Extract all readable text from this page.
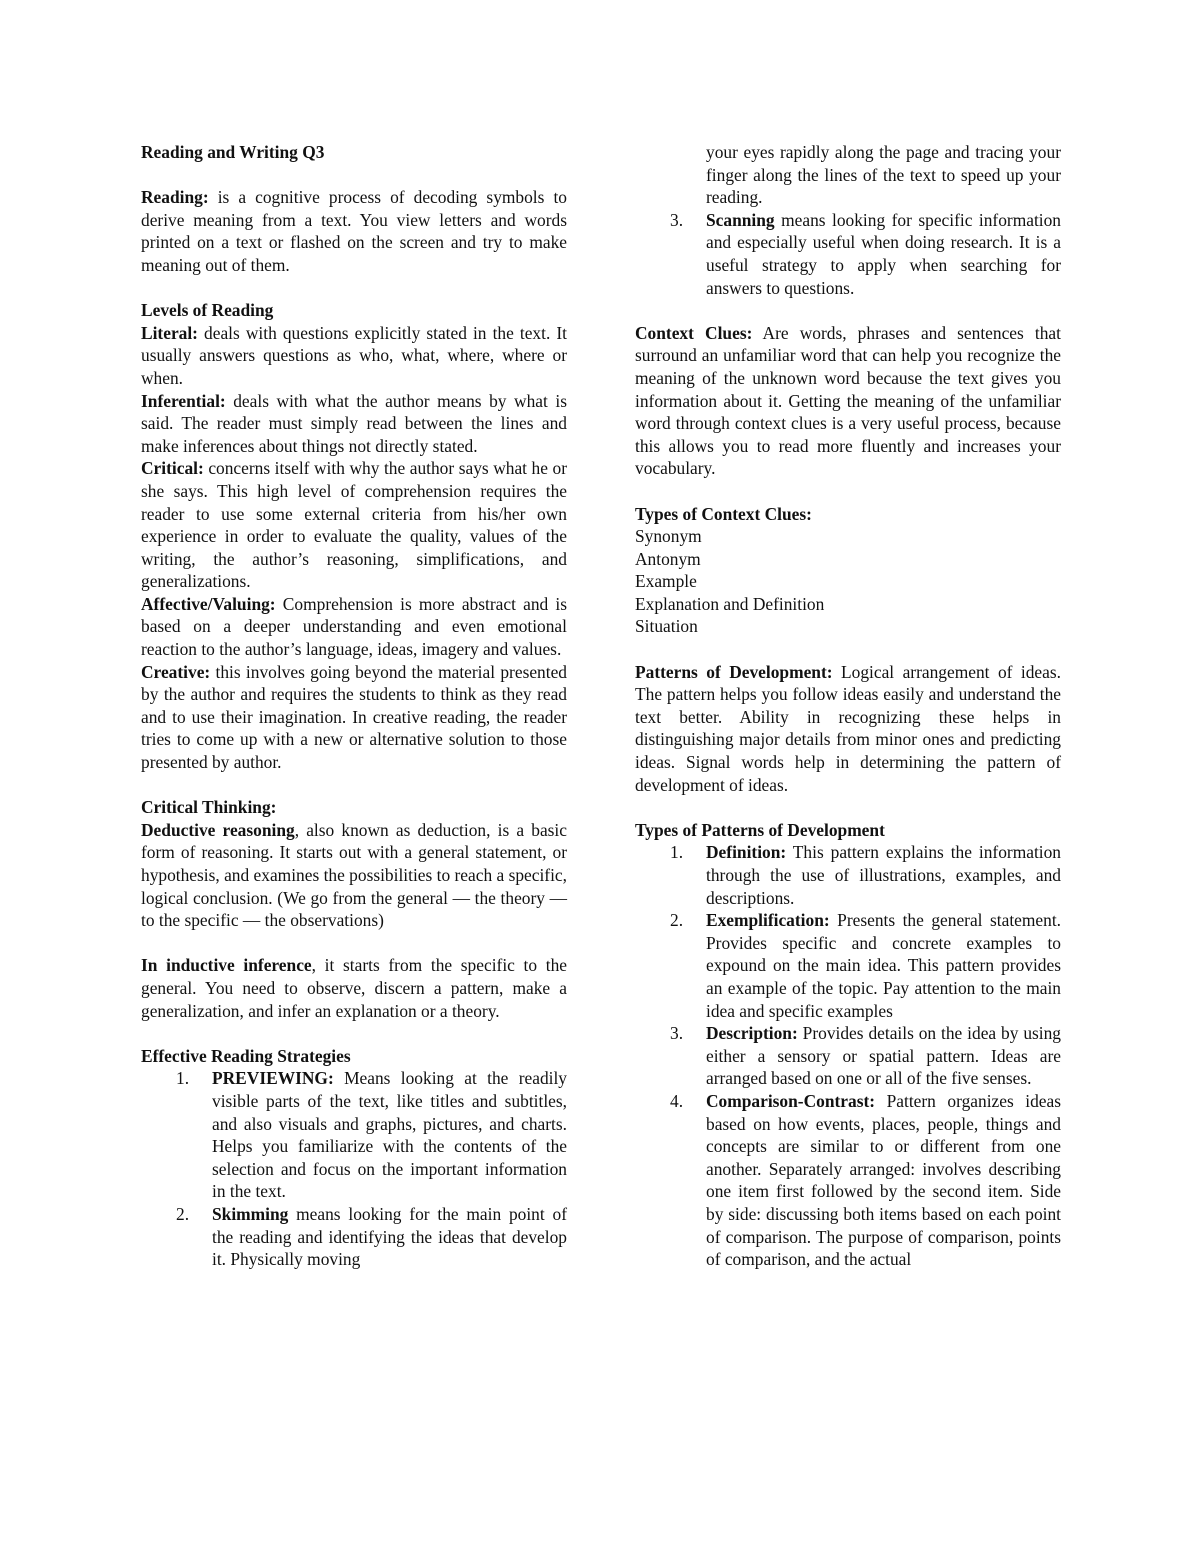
Reading and Writing Q3

Reading: is a cognitive process of decoding symbols to derive meaning from a text. You view letters and words printed on a text or flashed on the screen and try to make meaning out of them.

Levels of Reading

Literal: deals with questions explicitly stated in the text. It usually answers questions as who, what, where, where or when.

Inferential: deals with what the author means by what is said. The reader must simply read between the lines and make inferences about things not directly stated.

Critical: concerns itself with why the author says what he or she says. This high level of comprehension requires the reader to use some external criteria from his/her own experience in order to evaluate the quality, values of the writing, the author’s reasoning, simplifications, and generalizations.

Affective/Valuing: Comprehension is more abstract and is based on a deeper understanding and even emotional reaction to the author’s language, ideas, imagery and values.

Creative: this involves going beyond the material presented by the author and requires the students to think as they read and to use their imagination. In creative reading, the reader tries to come up with a new or alternative solution to those presented by author.

Critical Thinking:

Deductive reasoning, also known as deduction, is a basic form of reasoning. It starts out with a general statement, or hypothesis, and examines the possibilities to reach a specific, logical conclusion. (We go from the general — the theory — to the specific — the observations)

In inductive inference, it starts from the specific to the general. You need to observe, discern a pattern, make a generalization, and infer an explanation or a theory.

Effective Reading Strategies

1. PREVIEWING: Means looking at the readily visible parts of the text, like titles and subtitles, and also visuals and graphs, pictures, and charts. Helps you familiarize with the contents of the selection and focus on the important information in the text.
2. Skimming means looking for the main point of the reading and identifying the ideas that develop it. Physically moving

your eyes rapidly along the page and tracing your finger along the lines of the text to speed up your reading.

3. Scanning means looking for specific information and especially useful when doing research. It is a useful strategy to apply when searching for answers to questions.

Context Clues: Are words, phrases and sentences that surround an unfamiliar word that can help you recognize the meaning of the unknown word because the text gives you information about it. Getting the meaning of the unfamiliar word through context clues is a very useful process, because this allows you to read more fluently and increases your vocabulary.

Types of Context Clues:

Synonym

Antonym

Example

Explanation and Definition

Situation

Patterns of Development: Logical arrangement of ideas. The pattern helps you follow ideas easily and understand the text better. Ability in recognizing these helps in distinguishing major details from minor ones and predicting ideas. Signal words help in determining the pattern of development of ideas.

Types of Patterns of Development

1. Definition: This pattern explains the information through the use of illustrations, examples, and descriptions.
2. Exemplification: Presents the general statement. Provides specific and concrete examples to expound on the main idea. This pattern provides an example of the topic. Pay attention to the main idea and specific examples
3. Description: Provides details on the idea by using either a sensory or spatial pattern. Ideas are arranged based on one or all of the five senses.
4. Comparison-Contrast: Pattern organizes ideas based on how events, places, people, things and concepts are similar to or different from one another. Separately arranged: involves describing one item first followed by the second item. Side by side: discussing both items based on each point of comparison. The purpose of comparison, points of comparison, and the actual
